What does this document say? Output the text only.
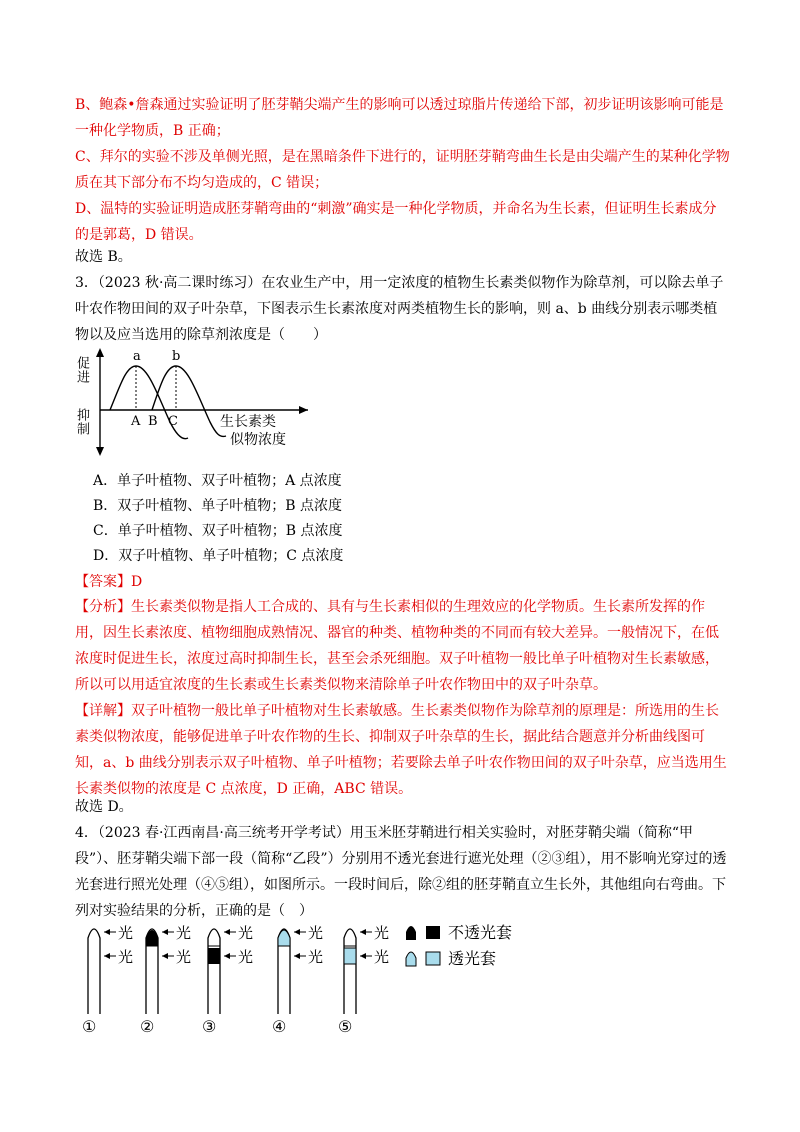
B、鲍森•詹森通过实验证明了胚芽鞘尖端产生的影响可以透过琼脂片传递给下部，初步证明该影响可能是一种化学物质，B 正确；

C、拜尔的实验不涉及单侧光照，是在黑暗条件下进行的，证明胚芽鞘弯曲生长是由尖端产生的某种化学物质在其下部分布不均匀造成的，C 错误；

D、温特的实验证明造成胚芽鞘弯曲的“刺激”确实是一种化学物质，并命名为生长素，但证明生长素成分的是郭葛，D 错误。

故选 B。

3．（2023 秋·高二课时练习）在农业生产中，用一定浓度的植物生长素类似物作为除草剂，可以除去单子叶农作物田间的双子叶杂草，下图表示生长素浓度对两类植物生长的影响，则 a、b 曲线分别表示哪类植物以及应当选用的除草剂浓度是（　　）

a b
A B C	生长素类
似物浓度
促进
抑制
A．单子叶植物、双子叶植物；A 点浓度
B．双子叶植物、单子叶植物；B 点浓度
C．单子叶植物、双子叶植物；B 点浓度
D．双子叶植物、单子叶植物；C 点浓度
【答案】D

【分析】生长素类似物是指人工合成的、具有与生长素相似的生理效应的化学物质。生长素所发挥的作用，因生长素浓度、植物细胞成熟情况、器官的种类、植物种类的不同而有较大差异。一般情况下，在低浓度时促进生长，浓度过高时抑制生长，甚至会杀死细胞。双子叶植物一般比单子叶植物对生长素敏感，所以可以用适宜浓度的生长素或生长素类似物来清除单子叶农作物田中的双子叶杂草。

【详解】双子叶植物一般比单子叶植物对生长素敏感。生长素类似物作为除草剂的原理是：所选用的生长素类似物浓度，能够促进单子叶农作物的生长、抑制双子叶杂草的生长，据此结合题意并分析曲线图可知，a、b 曲线分别表示双子叶植物、单子叶植物；若要除去单子叶农作物田间的双子叶杂草，应当选用生长素类似物的浓度是 C 点浓度，D 正确，ABC 错误。

故选 D。

4．（2023 春·江西南昌·高三统考开学考试）用玉米胚芽鞘进行相关实验时，对胚芽鞘尖端（简称“甲段”）、胚芽鞘尖端下部一段（简称“乙段”）分别用不透光套进行遮光处理（②③组），用不影响光穿过的透光套进行照光处理（④⑤组），如图所示。一段时间后，除②组的胚芽鞘直立生长外，其他组向右弯曲。下列对实验结果的分析，正确的是（　）

光
光
①
光
光
②
光
光
③
光
光
④
光
光
⑤
不透光套
透光套
